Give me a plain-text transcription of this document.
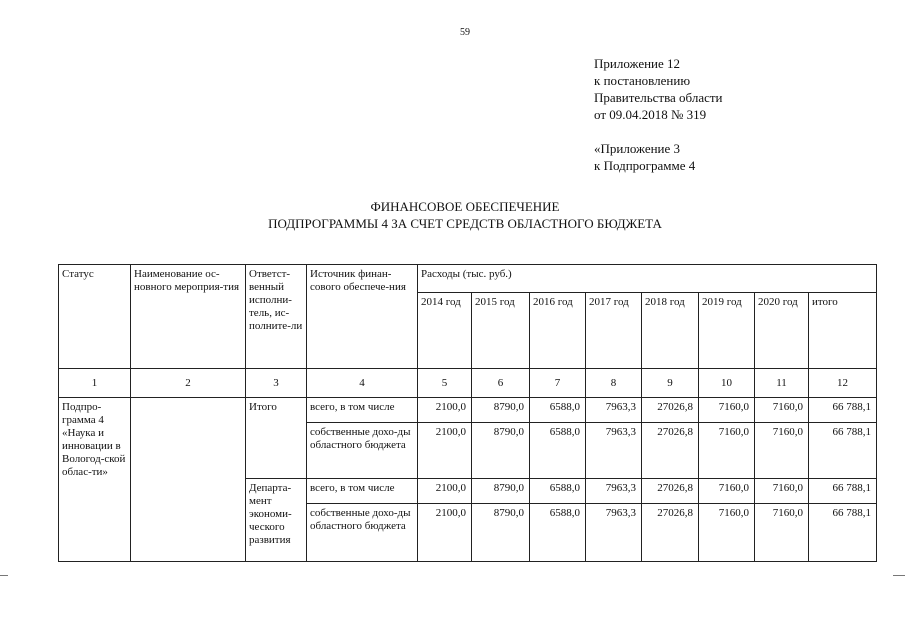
59
Приложение 12
к постановлению
Правительства области
от 09.04.2018 № 319
«Приложение 3
к Подпрограмме 4
ФИНАНСОВОЕ ОБЕСПЕЧЕНИЕ
ПОДПРОГРАММЫ 4 ЗА СЧЕТ СРЕДСТВ ОБЛАСТНОГО БЮДЖЕТА
Статус	Наименование ос-новного мероприя-тия	Ответст-венный исполни-тель, ис-полните-ли	Источник финан-сового обеспече-ния	Расходы (тыс. руб.)							
				2014 год	2015 год	2016 год	2017 год	2018 год	2019 год	2020 год	итого
1	2	3	4	5	6	7	8	9	10	11	12
Подпро-грамма 4 «Наука и инновации в Вологод-ской облас-ти»		Итого	всего, в том числе	2100,0	8790,0	6588,0	7963,3	27026,8	7160,0	7160,0	66 788,1
			собственные дохо-ды областного бюджета	2100,0	8790,0	6588,0	7963,3	27026,8	7160,0	7160,0	66 788,1
		Департа-мент экономи-ческого развития	всего, в том числе	2100,0	8790,0	6588,0	7963,3	27026,8	7160,0	7160,0	66 788,1
			собственные дохо-ды областного бюджета	2100,0	8790,0	6588,0	7963,3	27026,8	7160,0	7160,0	66 788,1
